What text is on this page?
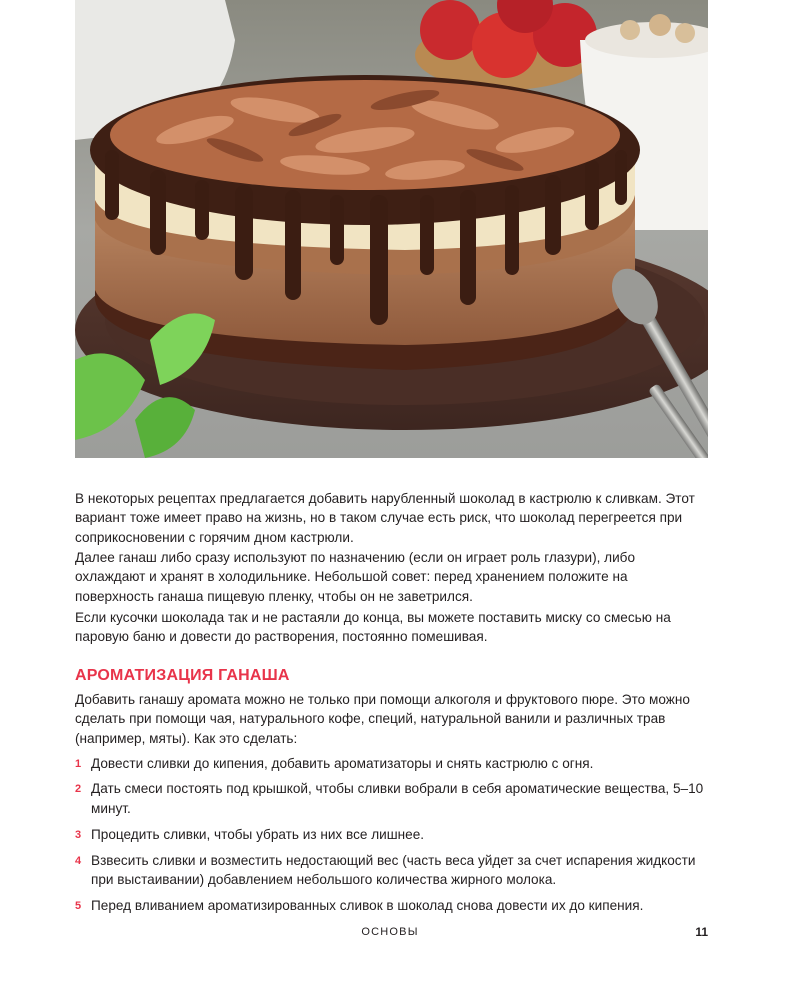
В некоторых рецептах предлагается добавить нарубленный шоколад в кастрюлю к сливкам. Этот вариант тоже имеет право на жизнь, но в таком случае есть риск, что шоколад перегреется при соприкосновении с горячим дном кастрюли.

Далее ганаш либо сразу используют по назначению (если он играет роль глазури), либо охлаждают и хранят в холодильнике. Небольшой совет: перед хранением положите на поверхность ганаша пищевую пленку, чтобы он не заветрился.

Если кусочки шоколада так и не растаяли до конца, вы можете поставить миску со смесью на паровую баню и довести до растворения, постоянно помешивая.

АРОМАТИЗАЦИЯ ГАНАША

Добавить ганашу аромата можно не только при помощи алкоголя и фруктового пюре. Это можно сделать при помощи чая, натурального кофе, специй, натуральной ванили и различных трав (например, мяты). Как это сделать:

1 Довести сливки до кипения, добавить ароматизаторы и снять кастрюлю с огня.
2 Дать смеси постоять под крышкой, чтобы сливки вобрали в себя ароматические вещества, 5–10 минут.
3 Процедить сливки, чтобы убрать из них все лишнее.
4 Взвесить сливки и возместить недостающий вес (часть веса уйдет за счет испарения жидкости при выстаивании) добавлением небольшого количества жирного молока.
5 Перед вливанием ароматизированных сливок в шоколад снова довести их до кипения.
ОСНОВЫ	11
